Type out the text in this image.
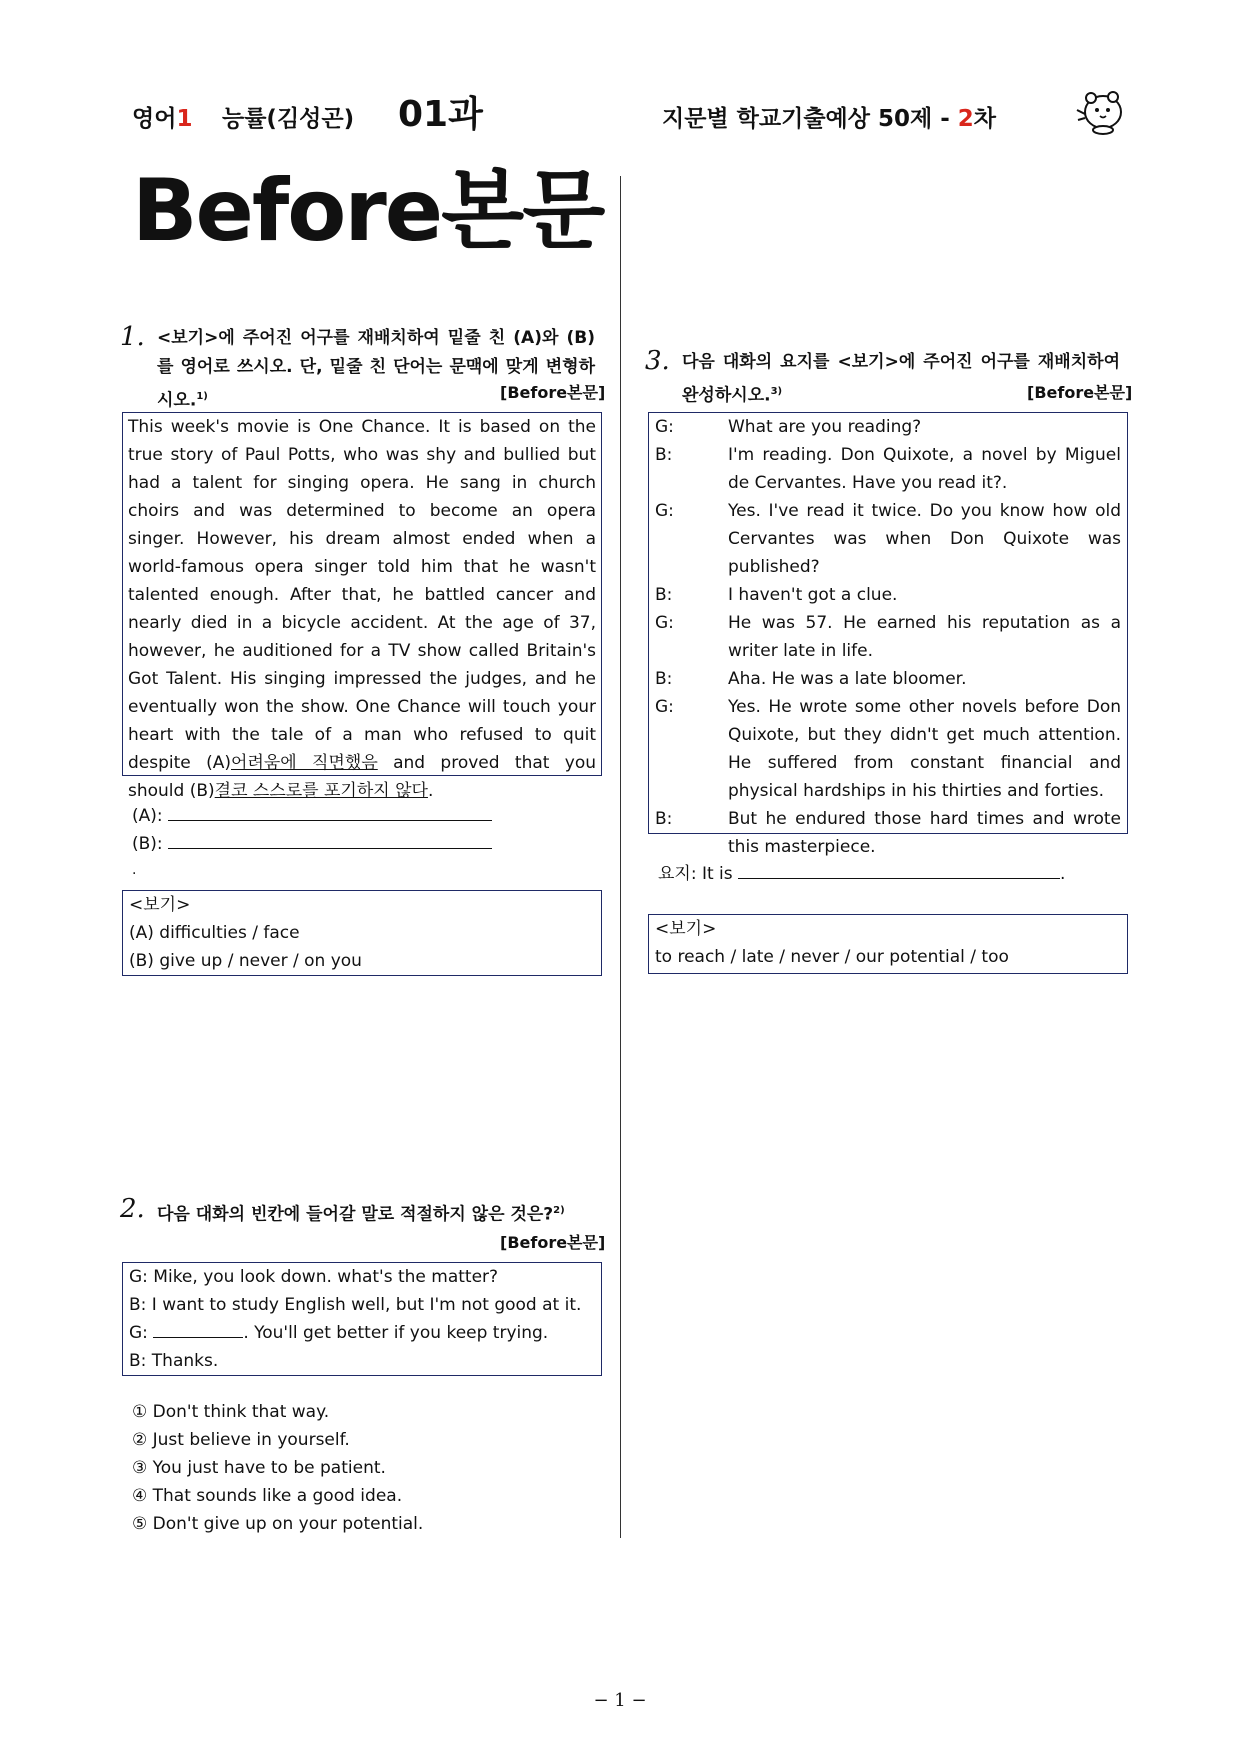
영어1 능률(김성곤) 01과	지문별 학교기출예상 50제 - 2차
Before본문
1. <보기>에 주어진 어구를 재배치하여 밑줄 친 (A)와 (B)를 영어로 쓰시오. 단, 밑줄 친 단어는 문맥에 맞게 변형하시오.$^{1)}$	[Before본문]
This week's movie is One Chance. It is based on the true story of Paul Potts, who was shy and bullied but had a talent for singing opera. He sang in church choirs and was determined to become an opera singer. However, his dream almost ended when a world-famous opera singer told him that he wasn't talented enough. After that, he battled cancer and nearly died in a bicycle accident. At the age of 37, however, he auditioned for a TV show called Britain's Got Talent. His singing impressed the judges, and he eventually won the show. One Chance will touch your heart with the tale of a man who refused to quit despite (A)어려움에 직면했음 and proved that you should (B)결코 스스로를 포기하지 않다.
(A):
(B):
.
<보기>
(A) difficulties / face
(B) give up / never / on you
2. 다음 대화의 빈칸에 들어갈 말로 적절하지 않은 것은?$^{2)}$
[Before본문]
G: Mike, you look down. what's the matter?
B: I want to study English well, but I'm not good at it.
G:	. You'll get better if you keep trying.
B: Thanks.
① Don't think that way.
② Just believe in yourself.
③ You just have to be patient.
④ That sounds like a good idea.
⑤ Don't give up on your potential.
3. 다음 대화의 요지를 <보기>에 주어진 어구를 재배치하여 완성하시오.$^{3)}$	[Before본문]
G:	What are you reading?
B:	I'm reading. Don Quixote, a novel by Miguel de Cervantes. Have you read it?.
G:	Yes. I've read it twice. Do you know how old Cervantes was when Don Quixote was published?
B:	I haven't got a clue.
G:	He was 57. He earned his reputation as a writer late in life.
B:	Aha. He was a late bloomer.
G:	Yes. He wrote some other novels before Don Quixote, but they didn't get much attention. He suffered from constant financial and physical hardships in his thirties and forties.
B:	But he endured those hard times and wrote this masterpiece.
요지: It is	.
<보기>
to reach / late / never / our potential / too
− 1 −
